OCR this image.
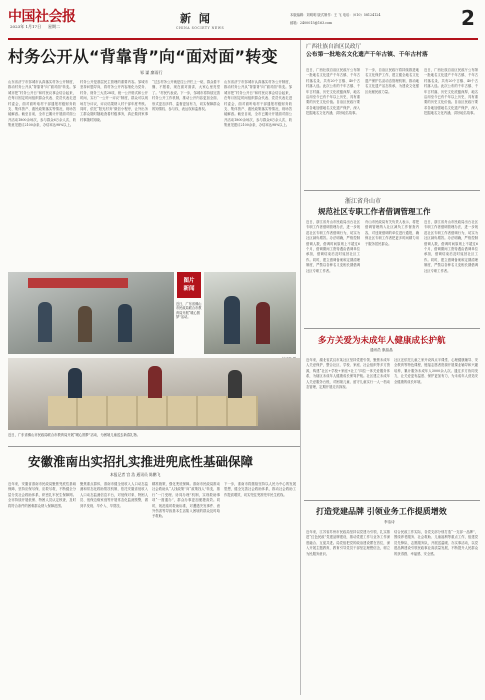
中国社会报
2023年 1月17日 星期二
新 闻
CHINA SOCIETY NEWS
本版编辑：刘明明 版式制作：王 飞 电话：（010）58124124
邮箱：2400015@163.com	2
村务公开从“背靠背”向“面对面”转变
邹 谋 廖雨行
山东省济宁市邹城市认真落实村务公开制度，推动村务公开从“背靠背”向“面对面”转变。邹城市把“村务公开日”和村民议事会结合起来，在每月固定时间组织群众代表、党员代表走进村委会，面对面听取村干部通报村级财务收支、集体资产、惠民政策落实等情况，现场答疑解惑。截至目前，全市已累计开展面对面公开活动1800余场次，参与群众6万余人次，收集意见建议2100余条，办结率达98%以上。
村务公开是基层民主管理的重要内容。邹城市坚持问题导向，将村务公开内容细化为党务、村务、财务三大类28项，统一公开格式和公开时间，实行“一公开一评议”制度，群众可以现场打分评议，评议结果纳入村干部年度考核。同时，依托“阳光村务”微信小程序，让外出务工群众随时随地查看村级事务，真正做到家事村事随时知晓。
“过去村务公开就是往公开栏上一贴，群众看不懂、不愿看，现在面对面讲，大家心里亮堂了。”村民代表说。下一步，邹城市将持续完善村务公开工作机制，推动公开内容更加全面、形式更加多样、监督更加有力，切实保障群众的知情权、参与权、表达权和监督权。
山东省济宁市邹城市认真落实村务公开制度，推动村务公开从“背靠背”向“面对面”转变。邹城市把“村务公开日”和村民议事会结合起来，在每月固定时间组织群众代表、党员代表走进村委会，面对面听取村干部通报村级财务收支、集体资产、惠民政策落实等情况，现场答疑解惑。截至目前，全市已累计开展面对面公开活动1800余场次，参与群众6万余人次，收集意见建议2100余条，办结率达98%以上。
广西壮族自治区民政厅
公布第一批地名文化遗产千年古镇、千年古村落
近日，广西壮族自治区民政厅公布第一批地名文化遗产千年古镇、千年古村落名录，共有20个古镇、40个古村落入选。此次公布的千年古镇、千年古村落，历史文化底蕴深厚，地名沿用至今已有千年以上历史，具有重要的历史文化价值。自治区民政厅要求各地加强地名文化遗产保护，深入挖掘地名文化内涵，讲好地名故事。
下一步，自治区民政厅将持续推进地名文化保护工作，建立健全地名文化遗产保护名录动态管理机制，推动地名文化遗产活态传承，为建设文化强区贡献民政力量。
近日，广西壮族自治区民政厅公布第一批地名文化遗产千年古镇、千年古村落名录，共有20个古镇、40个古村落入选。此次公布的千年古镇、千年古村落，历史文化底蕴深厚，地名沿用至今已有千年以上历史，具有重要的历史文化价值。自治区民政厅要求各地加强地名文化遗产保护，深入挖掘地名文化内涵，讲好地名故事。
浙江省舟山市
规范社区专职工作者借调管理工作
近日，浙江省舟山市民政局出台社区专职工作者借调管理办法，进一步规范社区专职工作者借调行为，切实为社区减负增效。办法明确，严格控制借调人数，借调时间原则上不超过6个月，借调期间工资待遇由借调单位承担，借调结束后及时返回社区工作。同时，建立借调备案和定期清理制度，严禁以各种名义变相长期借调社区专职工作者。
舟山市民政局有关负责人表示，将把借调管理纳入社区减负工作督查内容，对违规借调的单位进行通报，确保社区专职工作者把更多时间精力用于服务居民群众。
近日，浙江省舟山市民政局出台社区专职工作者借调管理办法，进一步规范社区专职工作者借调行为，切实为社区减负增效。办法明确，严格控制借调人数，借调时间原则上不超过6个月，借调期间工资待遇由借调单位承担，借调结束后及时返回社区工作。同时，建立借调备案和定期清理制度，严禁以各种名义变相长期借调社区专职工作者。
图片
新闻
近日，广东省佛山市民政局联合市教育局开展“暖心圆梦”活动。
近日，广东省佛山市民政局联合市教育局开展“暖心圆梦”活动，为困境儿童送去新春礼物。
多方关爱为未成年人健康成长护航
通讯员 康晶晶
近年来，湖北省武汉市某社区坚持党建引领，聚焦未成年人关爱保护，整合社区、学校、家庭、社会组织等多方资源，构建“社区+学校+家庭+社工”四位一体关爱服务体系，为辖区未成年人健康成长保驾护航。社区建立未成年人关爱服务台账，对困境儿童、留守儿童实行一人一档动态管理，定期开展走访探视。
社区还依托儿童之家开设四点半课堂、心理健康辅导、安全教育等特色课程，链接志愿者资源开展课业辅导和兴趣培养，累计服务未成年人3000余人次。通过多方协同发力，让关爱更有温度、保护更加有力，为未成年人营造安全健康的成长环境。
安徽淮南出实招扎实推进兜底性基础保障
本报记者 宫 浩 通讯员 陈鹏飞
近年来，安徽省淮南市民政局聚焦兜底性基础保障，坚持应保尽保、应救尽救，不断健全分层分类社会救助体系，织密扎牢民生保障网。全市持续开展低保、特困人员认定核查，及时将符合条件的困难群众纳入保障范围。
聚焦重点群体，淮南市健全低收入人口动态监测和常态化救助帮扶机制，依托安徽省低收入人口动态监测信息平台，对低保对象、特困人员、低保边缘家庭等开展常态化监测预警，做到早发现、早介入、早帮扶。
精准施策，强化兜底保障。淮南市民政局推动社会救助从“人找政策”向“政策找人”转变，推行“一门受理、协同办理”机制，实现救助事项“一窗通办”，群众办事更加便捷高效。同时，规范临时救助标准，对遭遇突发事件、意外伤害等导致基本生活陷入困境的群众及时给予救助。
下一步，淮南市将继续坚持以人民为中心的发展思想，健全完善社会救助体系，推动社会救助工作提质增效，切实兜住兜准兜牢民生底线。
打造党建品牌 引领业务工作提质增效
李洁诗
近年来，江苏省苏州市民政局坚持以党建为引领，扎实推进“红色民政”党建品牌建设，推动党建工作与业务工作深度融合、互促共进。局党组把党的政治建设摆在首位，深入开展主题教育，教育引导党员干部坚定理想信念，树立为民服务意识。
结合民政工作实际，各党支部分别打造“一支部一品牌”，围绕养老服务、社会救助、儿童福利等重点工作，组建党员先锋队、志愿服务队，开展送温暖、办实事活动，以党建品牌建设引领民政事业高质量发展，不断提升人民群众的获得感、幸福感、安全感。
